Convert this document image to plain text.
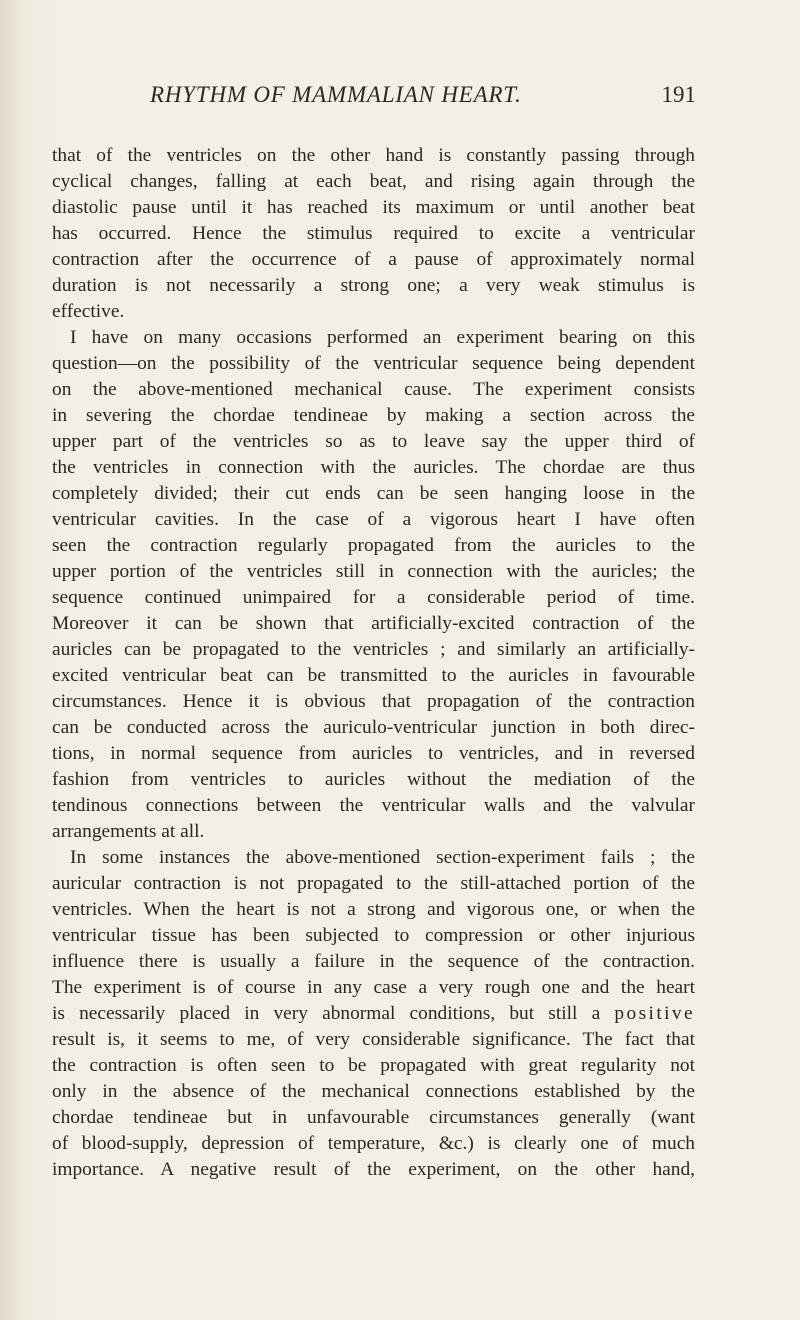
RHYTHM OF MAMMALIAN HEART.	191
that of the ventricles on the other hand is constantly passing through
cyclical changes, falling at each beat, and rising again through the
diastolic pause until it has reached its maximum or until another beat
has occurred. Hence the stimulus required to excite a ventricular
contraction after the occurrence of a pause of approximately normal
duration is not necessarily a strong one; a very weak stimulus is
effective.
I have on many occasions performed an experiment bearing on this
question—on the possibility of the ventricular sequence being dependent
on the above-mentioned mechanical cause. The experiment consists
in severing the chordae tendineae by making a section across the
upper part of the ventricles so as to leave say the upper third of
the ventricles in connection with the auricles. The chordae are thus
completely divided; their cut ends can be seen hanging loose in the
ventricular cavities. In the case of a vigorous heart I have often
seen the contraction regularly propagated from the auricles to the
upper portion of the ventricles still in connection with the auricles; the
sequence continued unimpaired for a considerable period of time.
Moreover it can be shown that artificially-excited contraction of the
auricles can be propagated to the ventricles ; and similarly an artificially-
excited ventricular beat can be transmitted to the auricles in favourable
circumstances. Hence it is obvious that propagation of the contraction
can be conducted across the auriculo-ventricular junction in both direc-
tions, in normal sequence from auricles to ventricles, and in reversed
fashion from ventricles to auricles without the mediation of the
tendinous connections between the ventricular walls and the valvular
arrangements at all.
In some instances the above-mentioned section-experiment fails ; the
auricular contraction is not propagated to the still-attached portion of the
ventricles. When the heart is not a strong and vigorous one, or when the
ventricular tissue has been subjected to compression or other injurious
influence there is usually a failure in the sequence of the contraction.
The experiment is of course in any case a very rough one and the heart
is necessarily placed in very abnormal conditions, but still a positive
result is, it seems to me, of very considerable significance. The fact that
the contraction is often seen to be propagated with great regularity not
only in the absence of the mechanical connections established by the
chordae tendineae but in unfavourable circumstances generally (want
of blood-supply, depression of temperature, &c.) is clearly one of much
importance. A negative result of the experiment, on the other hand,
